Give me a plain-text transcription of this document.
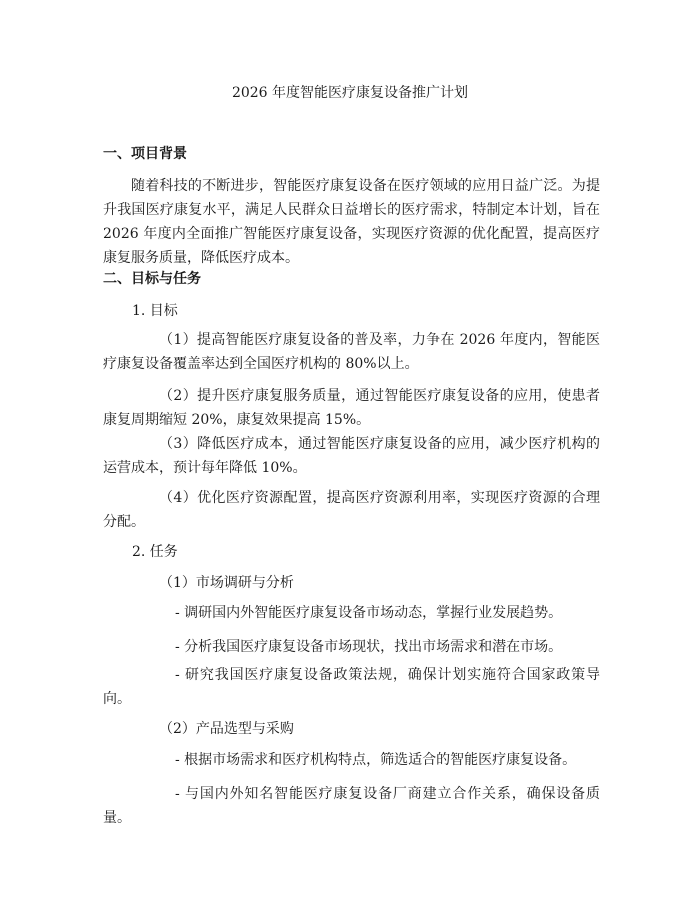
2026 年度智能医疗康复设备推广计划
一、项目背景
随着科技的不断进步，智能医疗康复设备在医疗领域的应用日益广泛。为提升我国医疗康复水平，满足人民群众日益增长的医疗需求，特制定本计划，旨在 2026 年度内全面推广智能医疗康复设备，实现医疗资源的优化配置，提高医疗康复服务质量，降低医疗成本。
二、目标与任务
1. 目标
（1）提高智能医疗康复设备的普及率，力争在 2026 年度内，智能医疗康复设备覆盖率达到全国医疗机构的 80%以上。
（2）提升医疗康复服务质量，通过智能医疗康复设备的应用，使患者康复周期缩短 20%，康复效果提高 15%。
（3）降低医疗成本，通过智能医疗康复设备的应用，减少医疗机构的运营成本，预计每年降低 10%。
（4）优化医疗资源配置，提高医疗资源利用率，实现医疗资源的合理分配。
2. 任务
（1）市场调研与分析
- 调研国内外智能医疗康复设备市场动态，掌握行业发展趋势。
- 分析我国医疗康复设备市场现状，找出市场需求和潜在市场。
- 研究我国医疗康复设备政策法规，确保计划实施符合国家政策导向。
（2）产品选型与采购
- 根据市场需求和医疗机构特点，筛选适合的智能医疗康复设备。
- 与国内外知名智能医疗康复设备厂商建立合作关系，确保设备质量。
